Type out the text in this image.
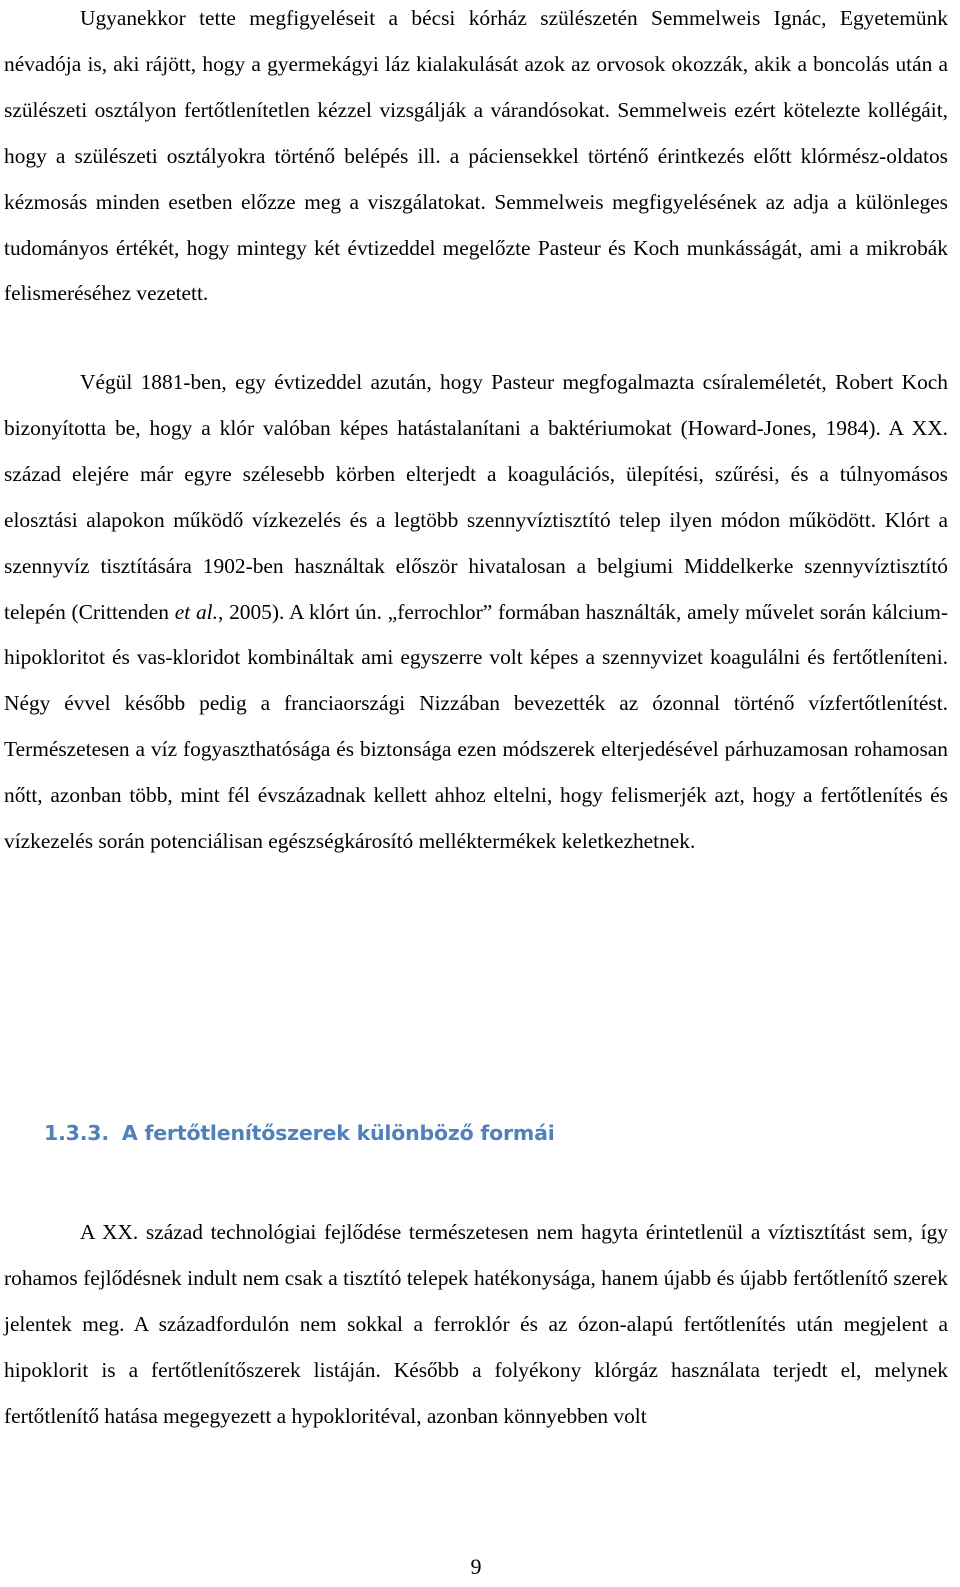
Ugyanekkor tette megfigyeléseit a bécsi kórház szülészetén Semmelweis Ignác, Egyetemünk névadója is, aki rájött, hogy a gyermekágyi láz kialakulását azok az orvosok okozzák, akik a boncolás után a szülészeti osztályon fertőtlenítetlen kézzel vizsgálják a várandósokat. Semmelweis ezért kötelezte kollégáit, hogy a szülészeti osztályokra történő belépés ill. a páciensekkel történő érintkezés előtt klórmész-oldatos kézmosás minden esetben előzze meg a viszgálatokat. Semmelweis megfigyelésének az adja a különleges tudományos értékét, hogy mintegy két évtizeddel megelőzte Pasteur és Koch munkásságát, ami a mikrobák felismeréséhez vezetett.

Végül 1881-ben, egy évtizeddel azután, hogy Pasteur megfogalmazta csíraleméletét, Robert Koch bizonyította be, hogy a klór valóban képes hatástalanítani a baktériumokat (Howard-Jones, 1984). A XX. század elejére már egyre szélesebb körben elterjedt a koagulációs, ülepítési, szűrési, és a túlnyomásos elosztási alapokon működő vízkezelés és a legtöbb szennyvíztisztító telep ilyen módon működött. Klórt a szennyvíz tisztítására 1902-ben használtak először hivatalosan a belgiumi Middelkerke szennyvíztisztító telepén (Crittenden et al., 2005). A klórt ún. „ferrochlor” formában használták, amely művelet során kálcium-hipokloritot és vas-kloridot kombináltak ami egyszerre volt képes a szennyvizet koagulálni és fertőtleníteni. Négy évvel később pedig a franciaországi Nizzában bevezették az ózonnal történő vízfertőtlenítést. Természetesen a víz fogyaszthatósága és biztonsága ezen módszerek elterjedésével párhuzamosan rohamosan nőtt, azonban több, mint fél évszázadnak kellett ahhoz eltelni, hogy felismerjék azt, hogy a fertőtlenítés és vízkezelés során potenciálisan egészségkárosító melléktermékek keletkezhetnek.

1.3.3. A fertőtlenítőszerek különböző formái

A XX. század technológiai fejlődése természetesen nem hagyta érintetlenül a víztisztítást sem, így rohamos fejlődésnek indult nem csak a tisztító telepek hatékonysága, hanem újabb és újabb fertőtlenítő szerek jelentek meg. A századfordulón nem sokkal a ferroklór és az ózon-alapú fertőtlenítés után megjelent a hipoklorit is a fertőtlenítőszerek listáján. Később a folyékony klórgáz használata terjedt el, melynek fertőtlenítő hatása megegyezett a hypokloritéval, azonban könnyebben volt

9
